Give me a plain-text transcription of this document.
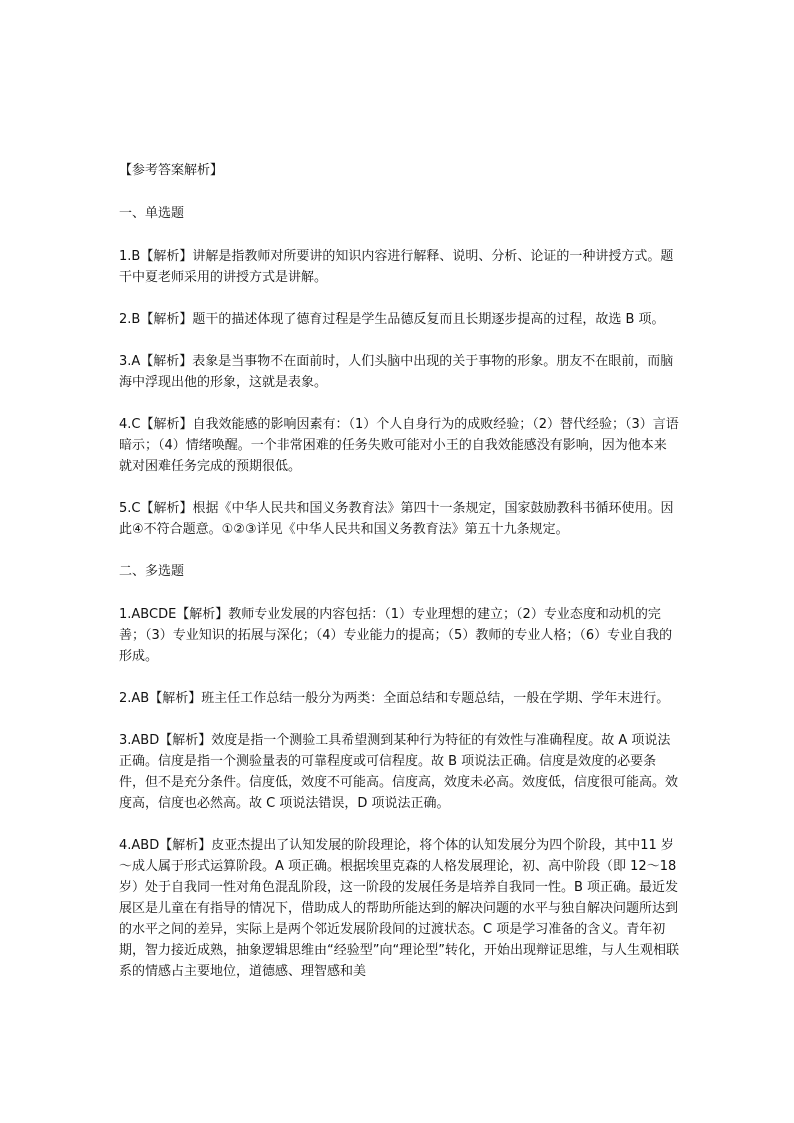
【参考答案解析】

一、单选题

1.B【解析】讲解是指教师对所要讲的知识内容进行解释、说明、分析、论证的一种讲授方式。题干中夏老师采用的讲授方式是讲解。

2.B【解析】题干的描述体现了德育过程是学生品德反复而且长期逐步提高的过程，故选 B 项。

3.A【解析】表象是当事物不在面前时，人们头脑中出现的关于事物的形象。朋友不在眼前，而脑海中浮现出他的形象，这就是表象。

4.C【解析】自我效能感的影响因素有：（1）个人自身行为的成败经验；（2）替代经验；（3）言语暗示；（4）情绪唤醒。一个非常困难的任务失败可能对小王的自我效能感没有影响，因为他本来就对困难任务完成的预期很低。

5.C【解析】根据《中华人民共和国义务教育法》第四十一条规定，国家鼓励教科书循环使用。因此④不符合题意。①②③详见《中华人民共和国义务教育法》第五十九条规定。

二、多选题

1.ABCDE【解析】教师专业发展的内容包括：（1）专业理想的建立；（2）专业态度和动机的完善；（3）专业知识的拓展与深化；（4）专业能力的提高；（5）教师的专业人格；（6）专业自我的形成。

2.AB【解析】班主任工作总结一般分为两类：全面总结和专题总结，一般在学期、学年末进行。

3.ABD【解析】效度是指一个测验工具希望测到某种行为特征的有效性与准确程度。故 A 项说法正确。信度是指一个测验量表的可靠程度或可信程度。故 B 项说法正确。信度是效度的必要条件，但不是充分条件。信度低，效度不可能高。信度高，效度未必高。效度低，信度很可能高。效度高，信度也必然高。故 C 项说法错误，D 项说法正确。

4.ABD【解析】皮亚杰提出了认知发展的阶段理论，将个体的认知发展分为四个阶段，其中11 岁～成人属于形式运算阶段。A 项正确。根据埃里克森的人格发展理论，初、高中阶段（即 12～18 岁）处于自我同一性对角色混乱阶段，这一阶段的发展任务是培养自我同一性。B 项正确。最近发展区是儿童在有指导的情况下，借助成人的帮助所能达到的解决问题的水平与独自解决问题所达到的水平之间的差异，实际上是两个邻近发展阶段间的过渡状态。C 项是学习准备的含义。青年初期，智力接近成熟，抽象逻辑思维由“经验型”向“理论型”转化，开始出现辩证思维，与人生观相联系的情感占主要地位，道德感、理智感和美
